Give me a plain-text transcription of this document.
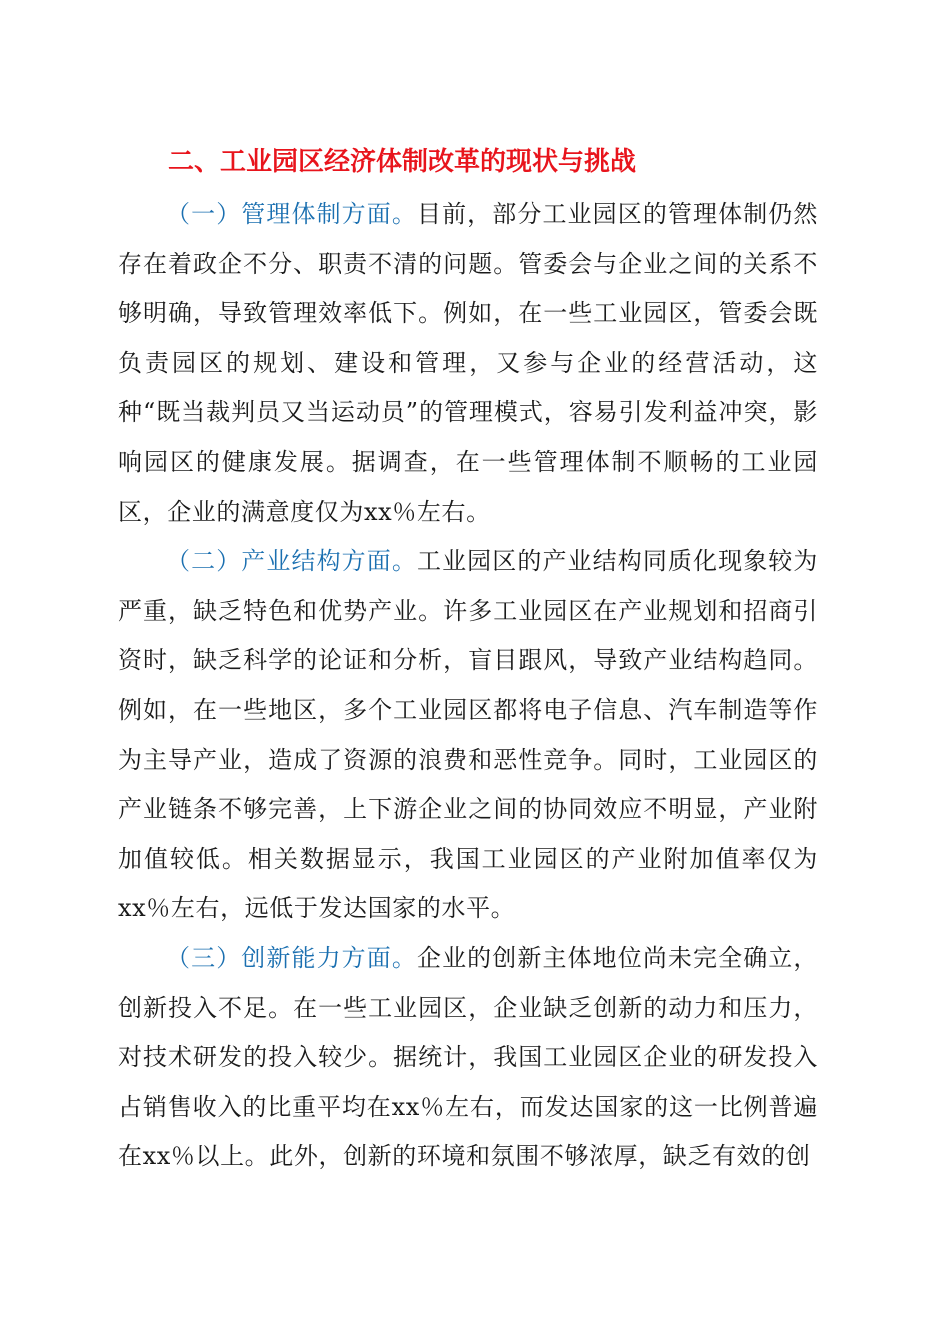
二、工业园区经济体制改革的现状与挑战

（一）管理体制方面。目前，部分工业园区的管理体制仍然存在着政企不分、职责不清的问题。管委会与企业之间的关系不够明确，导致管理效率低下。例如，在一些工业园区，管委会既负责园区的规划、建设和管理，又参与企业的经营活动，这种“既当裁判员又当运动员”的管理模式，容易引发利益冲突，影响园区的健康发展。据调查，在一些管理体制不顺畅的工业园区，企业的满意度仅为xx％左右。

（二）产业结构方面。工业园区的产业结构同质化现象较为严重，缺乏特色和优势产业。许多工业园区在产业规划和招商引资时，缺乏科学的论证和分析，盲目跟风，导致产业结构趋同。例如，在一些地区，多个工业园区都将电子信息、汽车制造等作为主导产业，造成了资源的浪费和恶性竞争。同时，工业园区的产业链条不够完善，上下游企业之间的协同效应不明显，产业附加值较低。相关数据显示，我国工业园区的产业附加值率仅为xx％左右，远低于发达国家的水平。

（三）创新能力方面。企业的创新主体地位尚未完全确立，创新投入不足。在一些工业园区，企业缺乏创新的动力和压力，对技术研发的投入较少。据统计，我国工业园区企业的研发投入占销售收入的比重平均在xx％左右，而发达国家的这一比例普遍在xx％以上。此外，创新的环境和氛围不够浓厚，缺乏有效的创
